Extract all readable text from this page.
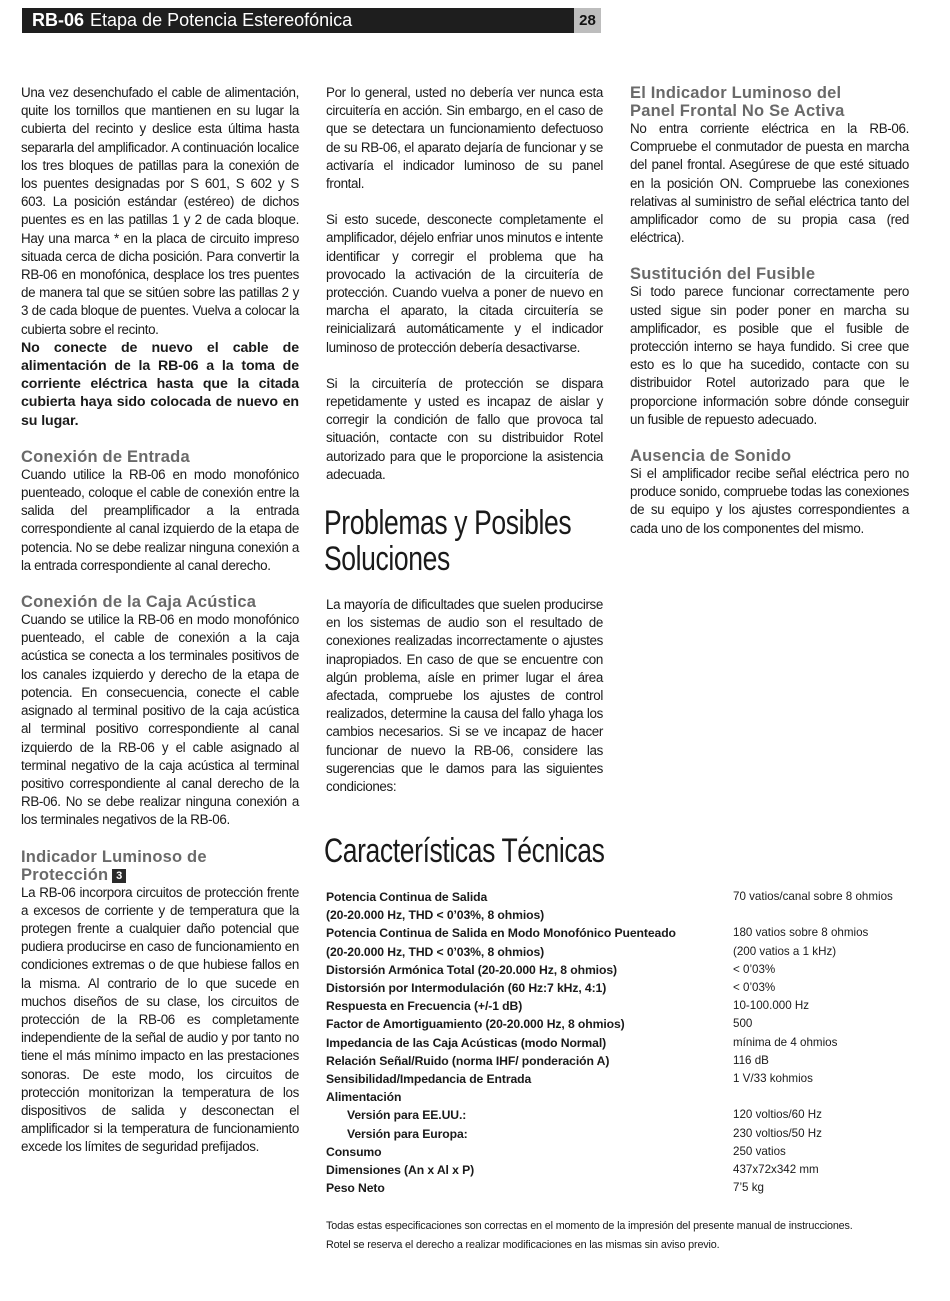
RB-06 Etapa de Potencia Estereofónica	28

Una vez desenchufado el cable de alimentación, quite los tornillos que mantienen en su lugar la cubierta del recinto y deslice esta última hasta separarla del amplificador. A continuación localice los tres bloques de patillas para la conexión de los puentes designadas por S 601, S 602 y S 603. La posición estándar (estéreo) de dichos puentes es en las patillas 1 y 2 de cada bloque. Hay una marca * en la placa de circuito impreso situada cerca de dicha posición. Para convertir la RB-06 en monofónica, desplace los tres puentes de manera tal que se sitúen sobre las patillas 2 y 3 de cada bloque de puentes. Vuelva a colocar la cubierta sobre el recinto.

No conecte de nuevo el cable de alimentación de la RB-06 a la toma de corriente eléctrica hasta que la citada cubierta haya sido colocada de nuevo en su lugar.

Conexión de Entrada

Cuando utilice la RB-06 en modo monofónico puenteado, coloque el cable de conexión entre la salida del preamplificador a la entrada correspondiente al canal izquierdo de la etapa de potencia. No se debe realizar ninguna conexión a la entrada correspondiente al canal derecho.

Conexión de la Caja Acústica

Cuando se utilice la RB-06 en modo monofónico puenteado, el cable de conexión a la caja acústica se conecta a los terminales positivos de los canales izquierdo y derecho de la etapa de potencia. En consecuencia, conecte el cable asignado al terminal positivo de la caja acústica al terminal positivo correspondiente al canal izquierdo de la RB-06 y el cable asignado al terminal negativo de la caja acústica al terminal positivo correspondiente al canal derecho de la RB-06. No se debe realizar ninguna conexión a los terminales negativos de la RB-06.

Indicador Luminoso de
Protección 3

La RB-06 incorpora circuitos de protección frente a excesos de corriente y de temperatura que la protegen frente a cualquier daño potencial que pudiera producirse en caso de funcionamiento en condiciones extremas o de que hubiese fallos en la misma. Al contrario de lo que sucede en muchos diseños de su clase, los circuitos de protección de la RB-06 es completamente independiente de la señal de audio y por tanto no tiene el más mínimo impacto en las prestaciones sonoras. De este modo, los circuitos de protección monitorizan la temperatura de los dispositivos de salida y desconectan el amplificador si la temperatura de funcionamiento excede los límites de seguridad prefijados.

Por lo general, usted no debería ver nunca esta circuitería en acción. Sin embargo, en el caso de que se detectara un funcionamiento defectuoso de su RB-06, el aparato dejaría de funcionar y se activaría el indicador luminoso de su panel frontal.

Si esto sucede, desconecte completamente el amplificador, déjelo enfriar unos minutos e intente identificar y corregir el problema que ha provocado la activación de la circuitería de protección. Cuando vuelva a poner de nuevo en marcha el aparato, la citada circuitería se reinicializará automáticamente y el indicador luminoso de protección debería desactivarse.

Si la circuitería de protección se dispara repetidamente y usted es incapaz de aislar y corregir la condición de fallo que provoca tal situación, contacte con su distribuidor Rotel autorizado para que le proporcione la asistencia adecuada.

Problemas y Posibles
Soluciones

La mayoría de dificultades que suelen producirse en los sistemas de audio son el resultado de conexiones realizadas incorrectamente o ajustes inapropiados. En caso de que se encuentre con algún problema, aísle en primer lugar el área afectada, compruebe los ajustes de control realizados, determine la causa del fallo yhaga los cambios necesarios. Si se ve incapaz de hacer funcionar de nuevo la RB-06, considere las sugerencias que le damos para las siguientes condiciones:

El Indicador Luminoso del
Panel Frontal No Se Activa

No entra corriente eléctrica en la RB-06. Compruebe el conmutador de puesta en marcha del panel frontal. Asegúrese de que esté situado en la posición ON. Compruebe las conexiones relativas al suministro de señal eléctrica tanto del amplificador como de su propia casa (red eléctrica).

Sustitución del Fusible

Si todo parece funcionar correctamente pero usted sigue sin poder poner en marcha su amplificador, es posible que el fusible de protección interno se haya fundido. Si cree que esto es lo que ha sucedido, contacte con su distribuidor Rotel autorizado para que le proporcione información sobre dónde conseguir un fusible de repuesto adecuado.

Ausencia de Sonido

Si el amplificador recibe señal eléctrica pero no produce sonido, compruebe todas las conexiones de su equipo y los ajustes correspondientes a cada uno de los componentes del mismo.

Características Técnicas
Potencia Continua de Salida	70 vatios/canal sobre 8 ohmios
(20-20.000 Hz, THD < 0’03%, 8 ohmios)
Potencia Continua de Salida en Modo Monofónico Puenteado	180 vatios sobre 8 ohmios
(20-20.000 Hz, THD < 0’03%, 8 ohmios)	(200 vatios a 1 kHz)
Distorsión Armónica Total (20-20.000 Hz, 8 ohmios)	< 0’03%
Distorsión por Intermodulación (60 Hz:7 kHz, 4:1)	< 0’03%
Respuesta en Frecuencia (+/-1 dB)	10-100.000 Hz
Factor de Amortiguamiento (20-20.000 Hz, 8 ohmios)	500
Impedancia de las Caja Acústicas (modo Normal)	mínima de 4 ohmios
Relación Señal/Ruido (norma IHF/ ponderación A)	116 dB
Sensibilidad/Impedancia de Entrada	1 V/33 kohmios
Alimentación
Versión para EE.UU.:	120 voltios/60 Hz
Versión para Europa:	230 voltios/50 Hz
Consumo	250 vatios
Dimensiones (An x Al x P)	437x72x342 mm
Peso Neto	7’5 kg
Todas estas especificaciones son correctas en el momento de la impresión del presente manual de instrucciones.
Rotel se reserva el derecho a realizar modificaciones en las mismas sin aviso previo.
